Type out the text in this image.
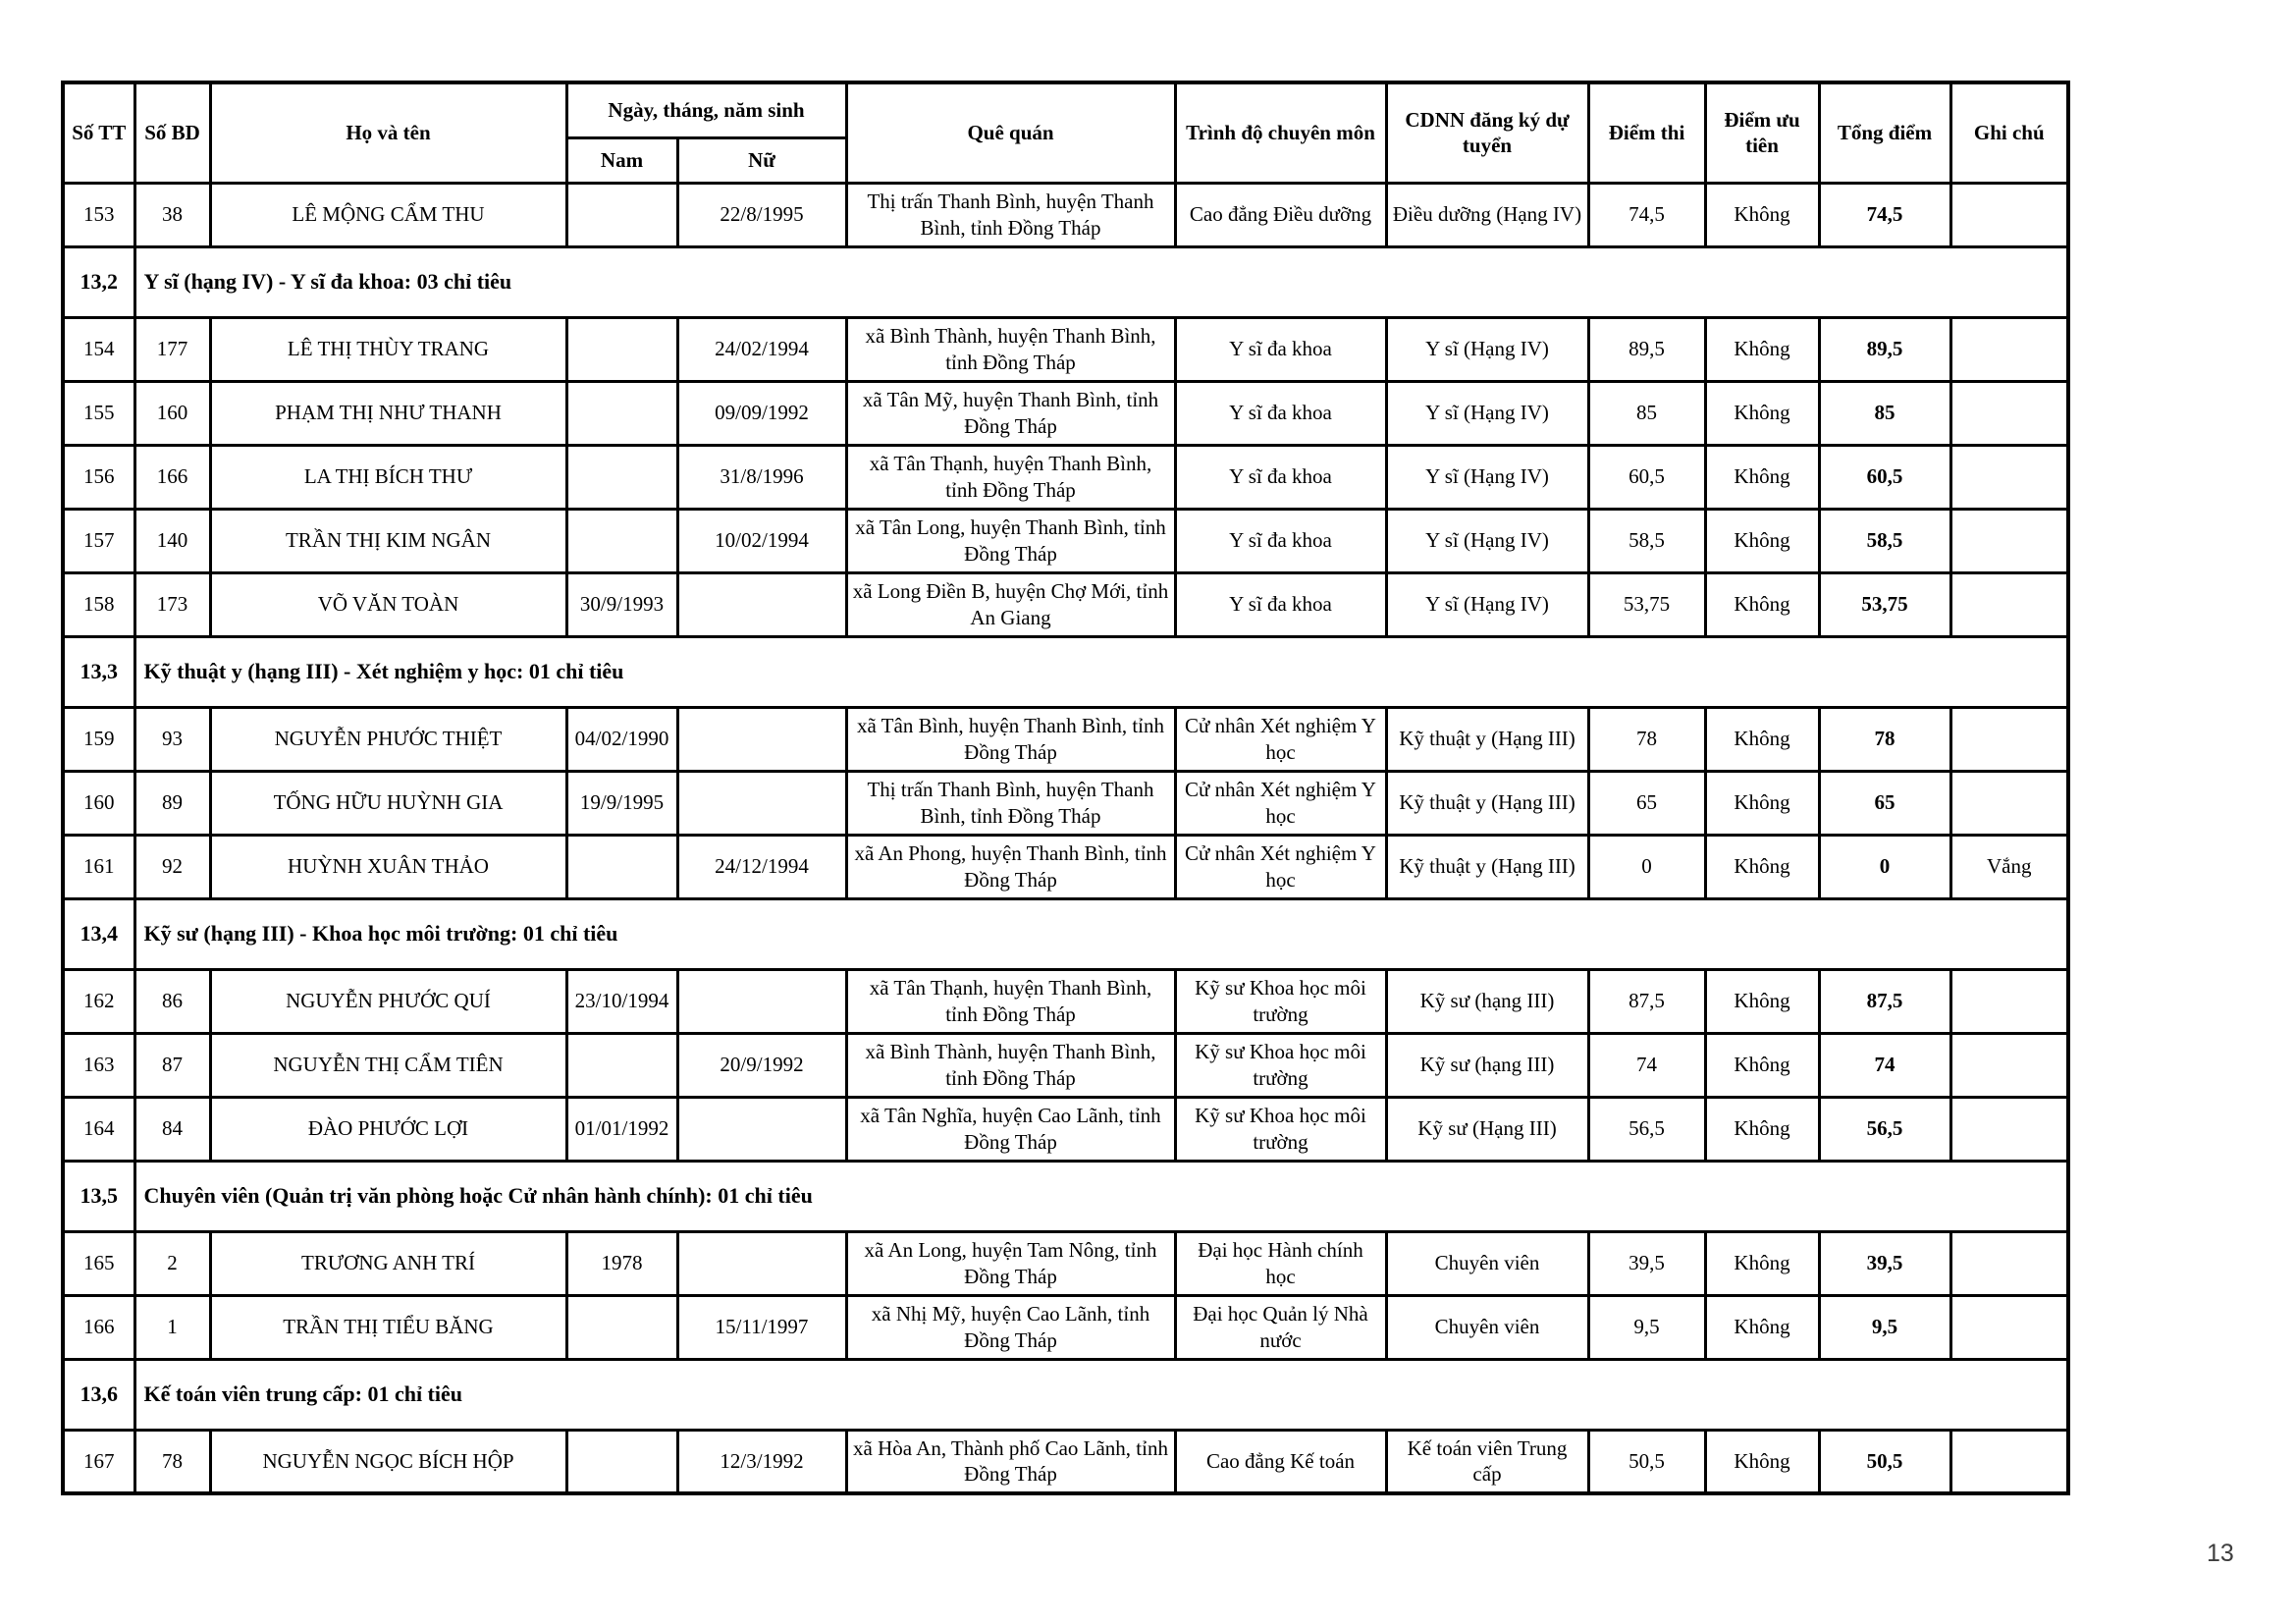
Số TT	Số BD	Họ và tên	Ngày, tháng, năm sinh		Quê quán	Trình độ chuyên môn	CDNN đăng ký dự tuyển	Điểm thi	Điểm ưu tiên	Tổng điểm	Ghi chú
			Nam	Nữ							
153	38	LÊ MỘNG CẨM THU		22/8/1995	Thị trấn Thanh Bình, huyện Thanh Bình, tỉnh Đồng Tháp	Cao đẳng Điều dưỡng	Điều dưỡng (Hạng IV)	74,5	Không	74,5	
13,2	Y sĩ (hạng IV) - Y sĩ đa khoa: 03 chỉ tiêu										
154	177	LÊ THỊ THÙY TRANG		24/02/1994	xã Bình Thành, huyện Thanh Bình, tỉnh Đồng Tháp	Y sĩ đa khoa	Y sĩ (Hạng IV)	89,5	Không	89,5	
155	160	PHẠM THỊ NHƯ THANH		09/09/1992	xã Tân Mỹ, huyện Thanh Bình, tỉnh Đồng Tháp	Y sĩ đa khoa	Y sĩ (Hạng IV)	85	Không	85	
156	166	LA THỊ BÍCH THƯ		31/8/1996	xã Tân Thạnh, huyện Thanh Bình, tỉnh Đồng Tháp	Y sĩ đa khoa	Y sĩ (Hạng IV)	60,5	Không	60,5	
157	140	TRẦN THỊ KIM NGÂN		10/02/1994	xã Tân Long, huyện Thanh Bình, tỉnh Đồng Tháp	Y sĩ đa khoa	Y sĩ (Hạng IV)	58,5	Không	58,5	
158	173	VÕ VĂN TOÀN	30/9/1993		xã Long Điền B, huyện Chợ Mới, tỉnh An Giang	Y sĩ đa khoa	Y sĩ (Hạng IV)	53,75	Không	53,75	
13,3	Kỹ thuật y (hạng III) - Xét nghiệm y học: 01 chỉ tiêu										
159	93	NGUYỄN PHƯỚC THIỆT	04/02/1990		xã Tân Bình, huyện Thanh Bình, tỉnh Đồng Tháp	Cử nhân Xét nghiệm Y học	Kỹ thuật y (Hạng III)	78	Không	78	
160	89	TỐNG HỮU HUỲNH GIA	19/9/1995		Thị trấn Thanh Bình, huyện Thanh Bình, tỉnh Đồng Tháp	Cử nhân Xét nghiệm Y học	Kỹ thuật y (Hạng III)	65	Không	65	
161	92	HUỲNH XUÂN THẢO		24/12/1994	xã An Phong, huyện Thanh Bình, tỉnh Đồng Tháp	Cử nhân Xét nghiệm Y học	Kỹ thuật y (Hạng III)	0	Không	0	Vắng
13,4	Kỹ sư (hạng III) - Khoa học môi trường: 01 chỉ tiêu										
162	86	NGUYỄN PHƯỚC QUÍ	23/10/1994		xã Tân Thạnh, huyện Thanh Bình, tỉnh Đồng Tháp	Kỹ sư Khoa học môi trường	Kỹ sư (hạng III)	87,5	Không	87,5	
163	87	NGUYỄN THỊ CẨM TIÊN		20/9/1992	xã Bình Thành, huyện Thanh Bình, tỉnh Đồng Tháp	Kỹ sư Khoa học môi trường	Kỹ sư (hạng III)	74	Không	74	
164	84	ĐÀO PHƯỚC LỢI	01/01/1992		xã Tân Nghĩa, huyện Cao Lãnh, tỉnh Đồng Tháp	Kỹ sư Khoa học môi trường	Kỹ sư (Hạng III)	56,5	Không	56,5	
13,5	Chuyên viên (Quản trị văn phòng hoặc Cử nhân hành chính): 01 chỉ tiêu										
165	2	TRƯƠNG ANH TRÍ	1978		xã An Long, huyện Tam Nông, tỉnh Đồng Tháp	Đại học Hành chính học	Chuyên viên	39,5	Không	39,5	
166	1	TRẦN THỊ TIỂU BĂNG		15/11/1997	xã Nhị Mỹ, huyện Cao Lãnh, tỉnh Đồng Tháp	Đại học Quản lý Nhà nước	Chuyên viên	9,5	Không	9,5	
13,6	Kế toán viên trung cấp: 01 chỉ tiêu										
167	78	NGUYỄN NGỌC BÍCH HỘP		12/3/1992	xã Hòa An, Thành phố Cao Lãnh, tỉnh Đồng Tháp	Cao đẳng Kế toán	Kế toán viên Trung cấp	50,5	Không	50,5	
13
